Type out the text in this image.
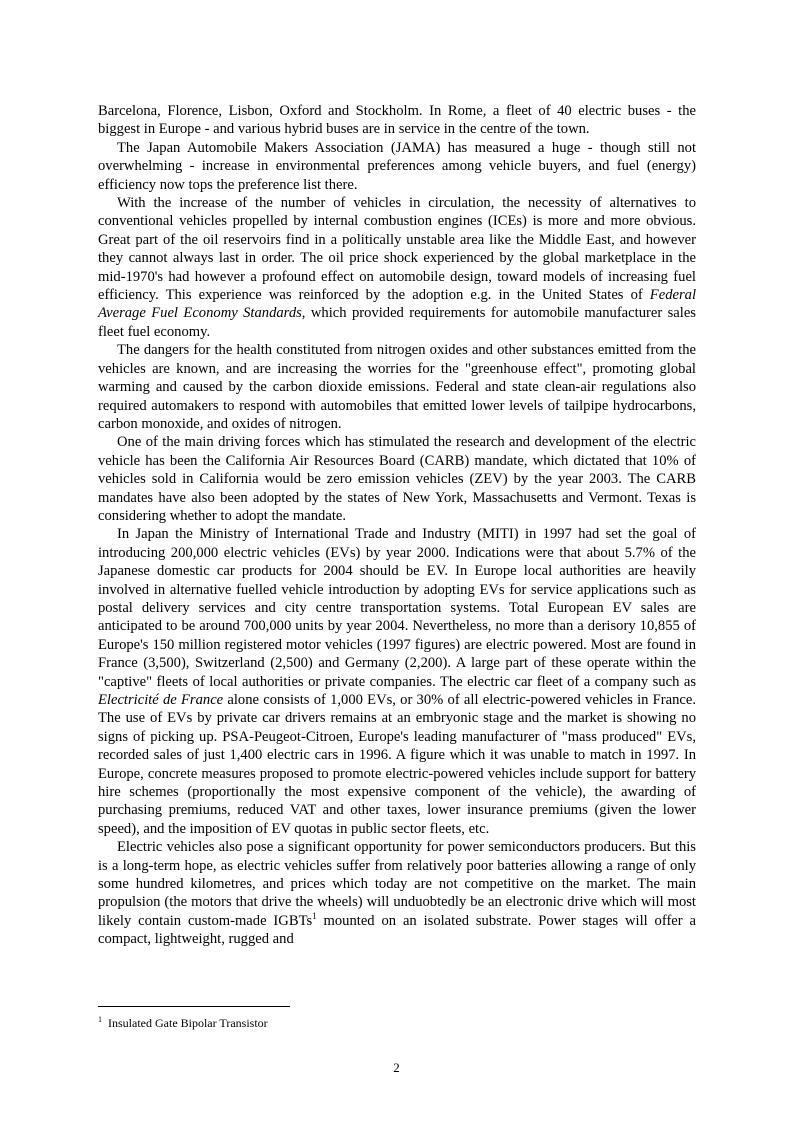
Barcelona, Florence, Lisbon, Oxford and Stockholm. In Rome, a fleet of 40 electric buses - the biggest in Europe - and various hybrid buses are in service in the centre of the town.

The Japan Automobile Makers Association (JAMA) has measured a huge - though still not overwhelming - increase in environmental preferences among vehicle buyers, and fuel (energy) efficiency now tops the preference list there.

With the increase of the number of vehicles in circulation, the necessity of alternatives to conventional vehicles propelled by internal combustion engines (ICEs) is more and more obvious. Great part of the oil reservoirs find in a politically unstable area like the Middle East, and however they cannot always last in order. The oil price shock experienced by the global marketplace in the mid-1970's had however a profound effect on automobile design, toward models of increasing fuel efficiency. This experience was reinforced by the adoption e.g. in the United States of Federal Average Fuel Economy Standards, which provided requirements for automobile manufacturer sales fleet fuel economy.

The dangers for the health constituted from nitrogen oxides and other substances emitted from the vehicles are known, and are increasing the worries for the "greenhouse effect", promoting global warming and caused by the carbon dioxide emissions. Federal and state clean-air regulations also required automakers to respond with automobiles that emitted lower levels of tailpipe hydrocarbons, carbon monoxide, and oxides of nitrogen.

One of the main driving forces which has stimulated the research and development of the electric vehicle has been the California Air Resources Board (CARB) mandate, which dictated that 10% of vehicles sold in California would be zero emission vehicles (ZEV) by the year 2003. The CARB mandates have also been adopted by the states of New York, Massachusetts and Vermont. Texas is considering whether to adopt the mandate.

In Japan the Ministry of International Trade and Industry (MITI) in 1997 had set the goal of introducing 200,000 electric vehicles (EVs) by year 2000. Indications were that about 5.7% of the Japanese domestic car products for 2004 should be EV. In Europe local authorities are heavily involved in alternative fuelled vehicle introduction by adopting EVs for service applications such as postal delivery services and city centre transportation systems. Total European EV sales are anticipated to be around 700,000 units by year 2004. Nevertheless, no more than a derisory 10,855 of Europe's 150 million registered motor vehicles (1997 figures) are electric powered. Most are found in France (3,500), Switzerland (2,500) and Germany (2,200). A large part of these operate within the "captive" fleets of local authorities or private companies. The electric car fleet of a company such as Electricité de France alone consists of 1,000 EVs, or 30% of all electric-powered vehicles in France. The use of EVs by private car drivers remains at an embryonic stage and the market is showing no signs of picking up. PSA-Peugeot-Citroen, Europe's leading manufacturer of "mass produced" EVs, recorded sales of just 1,400 electric cars in 1996. A figure which it was unable to match in 1997. In Europe, concrete measures proposed to promote electric-powered vehicles include support for battery hire schemes (proportionally the most expensive component of the vehicle), the awarding of purchasing premiums, reduced VAT and other taxes, lower insurance premiums (given the lower speed), and the imposition of EV quotas in public sector fleets, etc.

Electric vehicles also pose a significant opportunity for power semiconductors producers. But this is a long-term hope, as electric vehicles suffer from relatively poor batteries allowing a range of only some hundred kilometres, and prices which today are not competitive on the market. The main propulsion (the motors that drive the wheels) will unduobtedly be an electronic drive which will most likely contain custom-made IGBTs$^1$ mounted on an isolated substrate. Power stages will offer a compact, lightweight, rugged and

$^1$ Insulated Gate Bipolar Transistor
2
